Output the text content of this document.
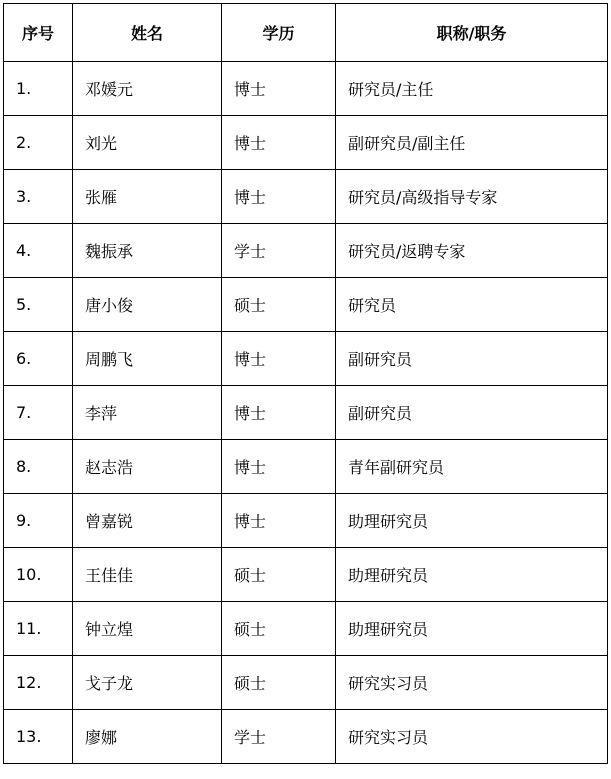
序号	姓名	学历	职称/职务
1.	邓媛元	博士	研究员/主任
2.	刘光	博士	副研究员/副主任
3.	张雁	博士	研究员/高级指导专家
4.	魏振承	学士	研究员/返聘专家
5.	唐小俊	硕士	研究员
6.	周鹏飞	博士	副研究员
7.	李萍	博士	副研究员
8.	赵志浩	博士	青年副研究员
9.	曾嘉锐	博士	助理研究员
10.	王佳佳	硕士	助理研究员
11.	钟立煌	硕士	助理研究员
12.	戈子龙	硕士	研究实习员
13.	廖娜	学士	研究实习员
